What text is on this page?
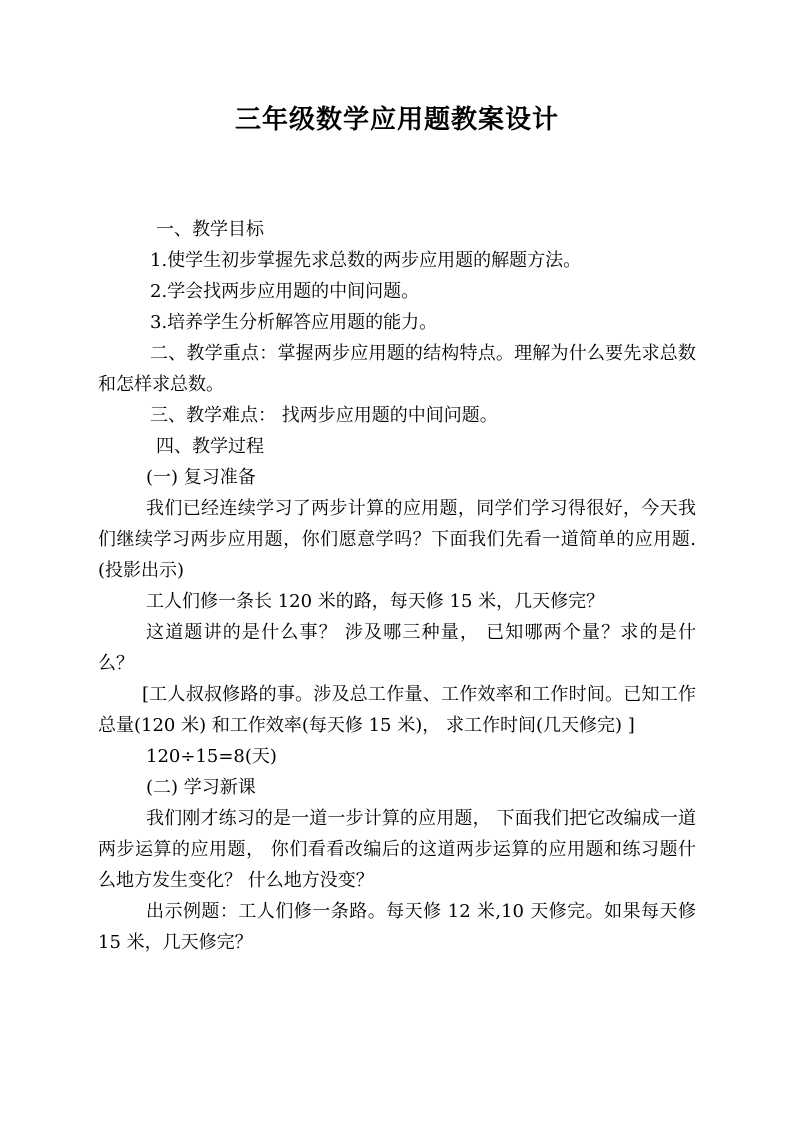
三年级数学应用题教案设计

一、教学目标

1.使学生初步掌握先求总数的两步应用题的解题方法。

2.学会找两步应用题的中间问题。

3.培养学生分析解答应用题的能力。

二、教学重点：掌握两步应用题的结构特点。理解为什么要先求总数和怎样求总数。

三、教学难点： 找两步应用题的中间问题。

四、教学过程

(一) 复习准备

我们已经连续学习了两步计算的应用题，同学们学习得很好，今天我们继续学习两步应用题，你们愿意学吗？下面我们先看一道简单的应用题. (投影出示)

工人们修一条长 120 米的路，每天修 15 米，几天修完？

这道题讲的是什么事？ 涉及哪三种量， 已知哪两个量？求的是什么？

[工人叔叔修路的事。涉及总工作量、工作效率和工作时间。已知工作总量(120 米) 和工作效率(每天修 15 米)， 求工作时间(几天修完) ]

120÷15=8(天)

(二) 学习新课

我们刚才练习的是一道一步计算的应用题， 下面我们把它改编成一道两步运算的应用题， 你们看看改编后的这道两步运算的应用题和练习题什么地方发生变化？ 什么地方没变？

出示例题：工人们修一条路。每天修 12 米,10 天修完。如果每天修 15 米，几天修完？
